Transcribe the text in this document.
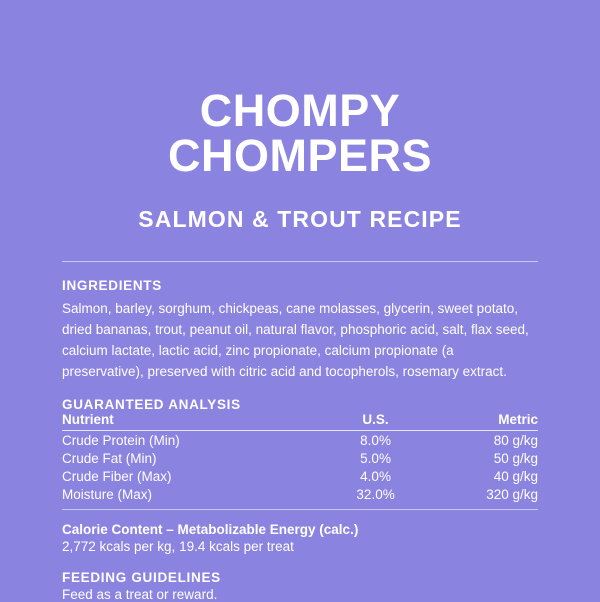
CHOMPY CHOMPERS
SALMON & TROUT RECIPE
INGREDIENTS

Salmon, barley, sorghum, chickpeas, cane molasses, glycerin, sweet potato, dried bananas, trout, peanut oil, natural flavor, phosphoric acid, salt, flax seed, calcium lactate, lactic acid, zinc propionate, calcium propionate (a preservative), preserved with citric acid and tocopherols, rosemary extract.

GUARANTEED ANALYSIS
Nutrient	U.S.	Metric
Crude Protein (Min)	8.0%	80 g/kg
Crude Fat (Min)	5.0%	50 g/kg
Crude Fiber (Max)	4.0%	40 g/kg
Moisture (Max)	32.0%	320 g/kg

Calorie Content – Metabolizable Energy (calc.)

2,772 kcals per kg, 19.4 kcals per treat

FEEDING GUIDELINES

Feed as a treat or reward.
